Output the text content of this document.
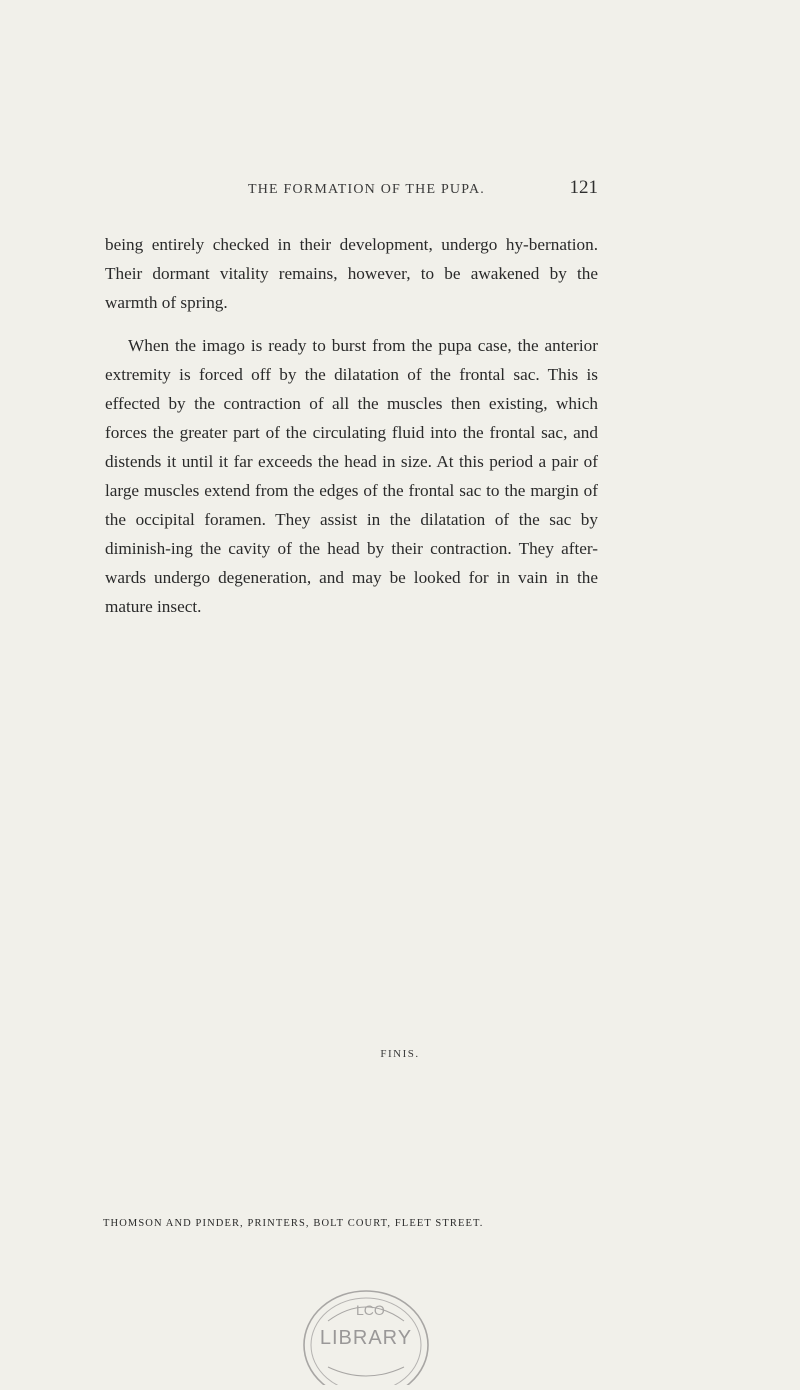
THE FORMATION OF THE PUPA.	121

being entirely checked in their development, undergo hy-bernation. Their dormant vitality remains, however, to be awakened by the warmth of spring.

When the imago is ready to burst from the pupa case, the anterior extremity is forced off by the dilatation of the frontal sac. This is effected by the contraction of all the muscles then existing, which forces the greater part of the circulating fluid into the frontal sac, and distends it until it far exceeds the head in size. At this period a pair of large muscles extend from the edges of the frontal sac to the margin of the occipital foramen. They assist in the dilatation of the sac by diminish-ing the cavity of the head by their contraction. They after-wards undergo degeneration, and may be looked for in vain in the mature insect.

FINIS.
THOMSON AND PINDER, PRINTERS, BOLT COURT, FLEET STREET.
LCO
LIBRARY
